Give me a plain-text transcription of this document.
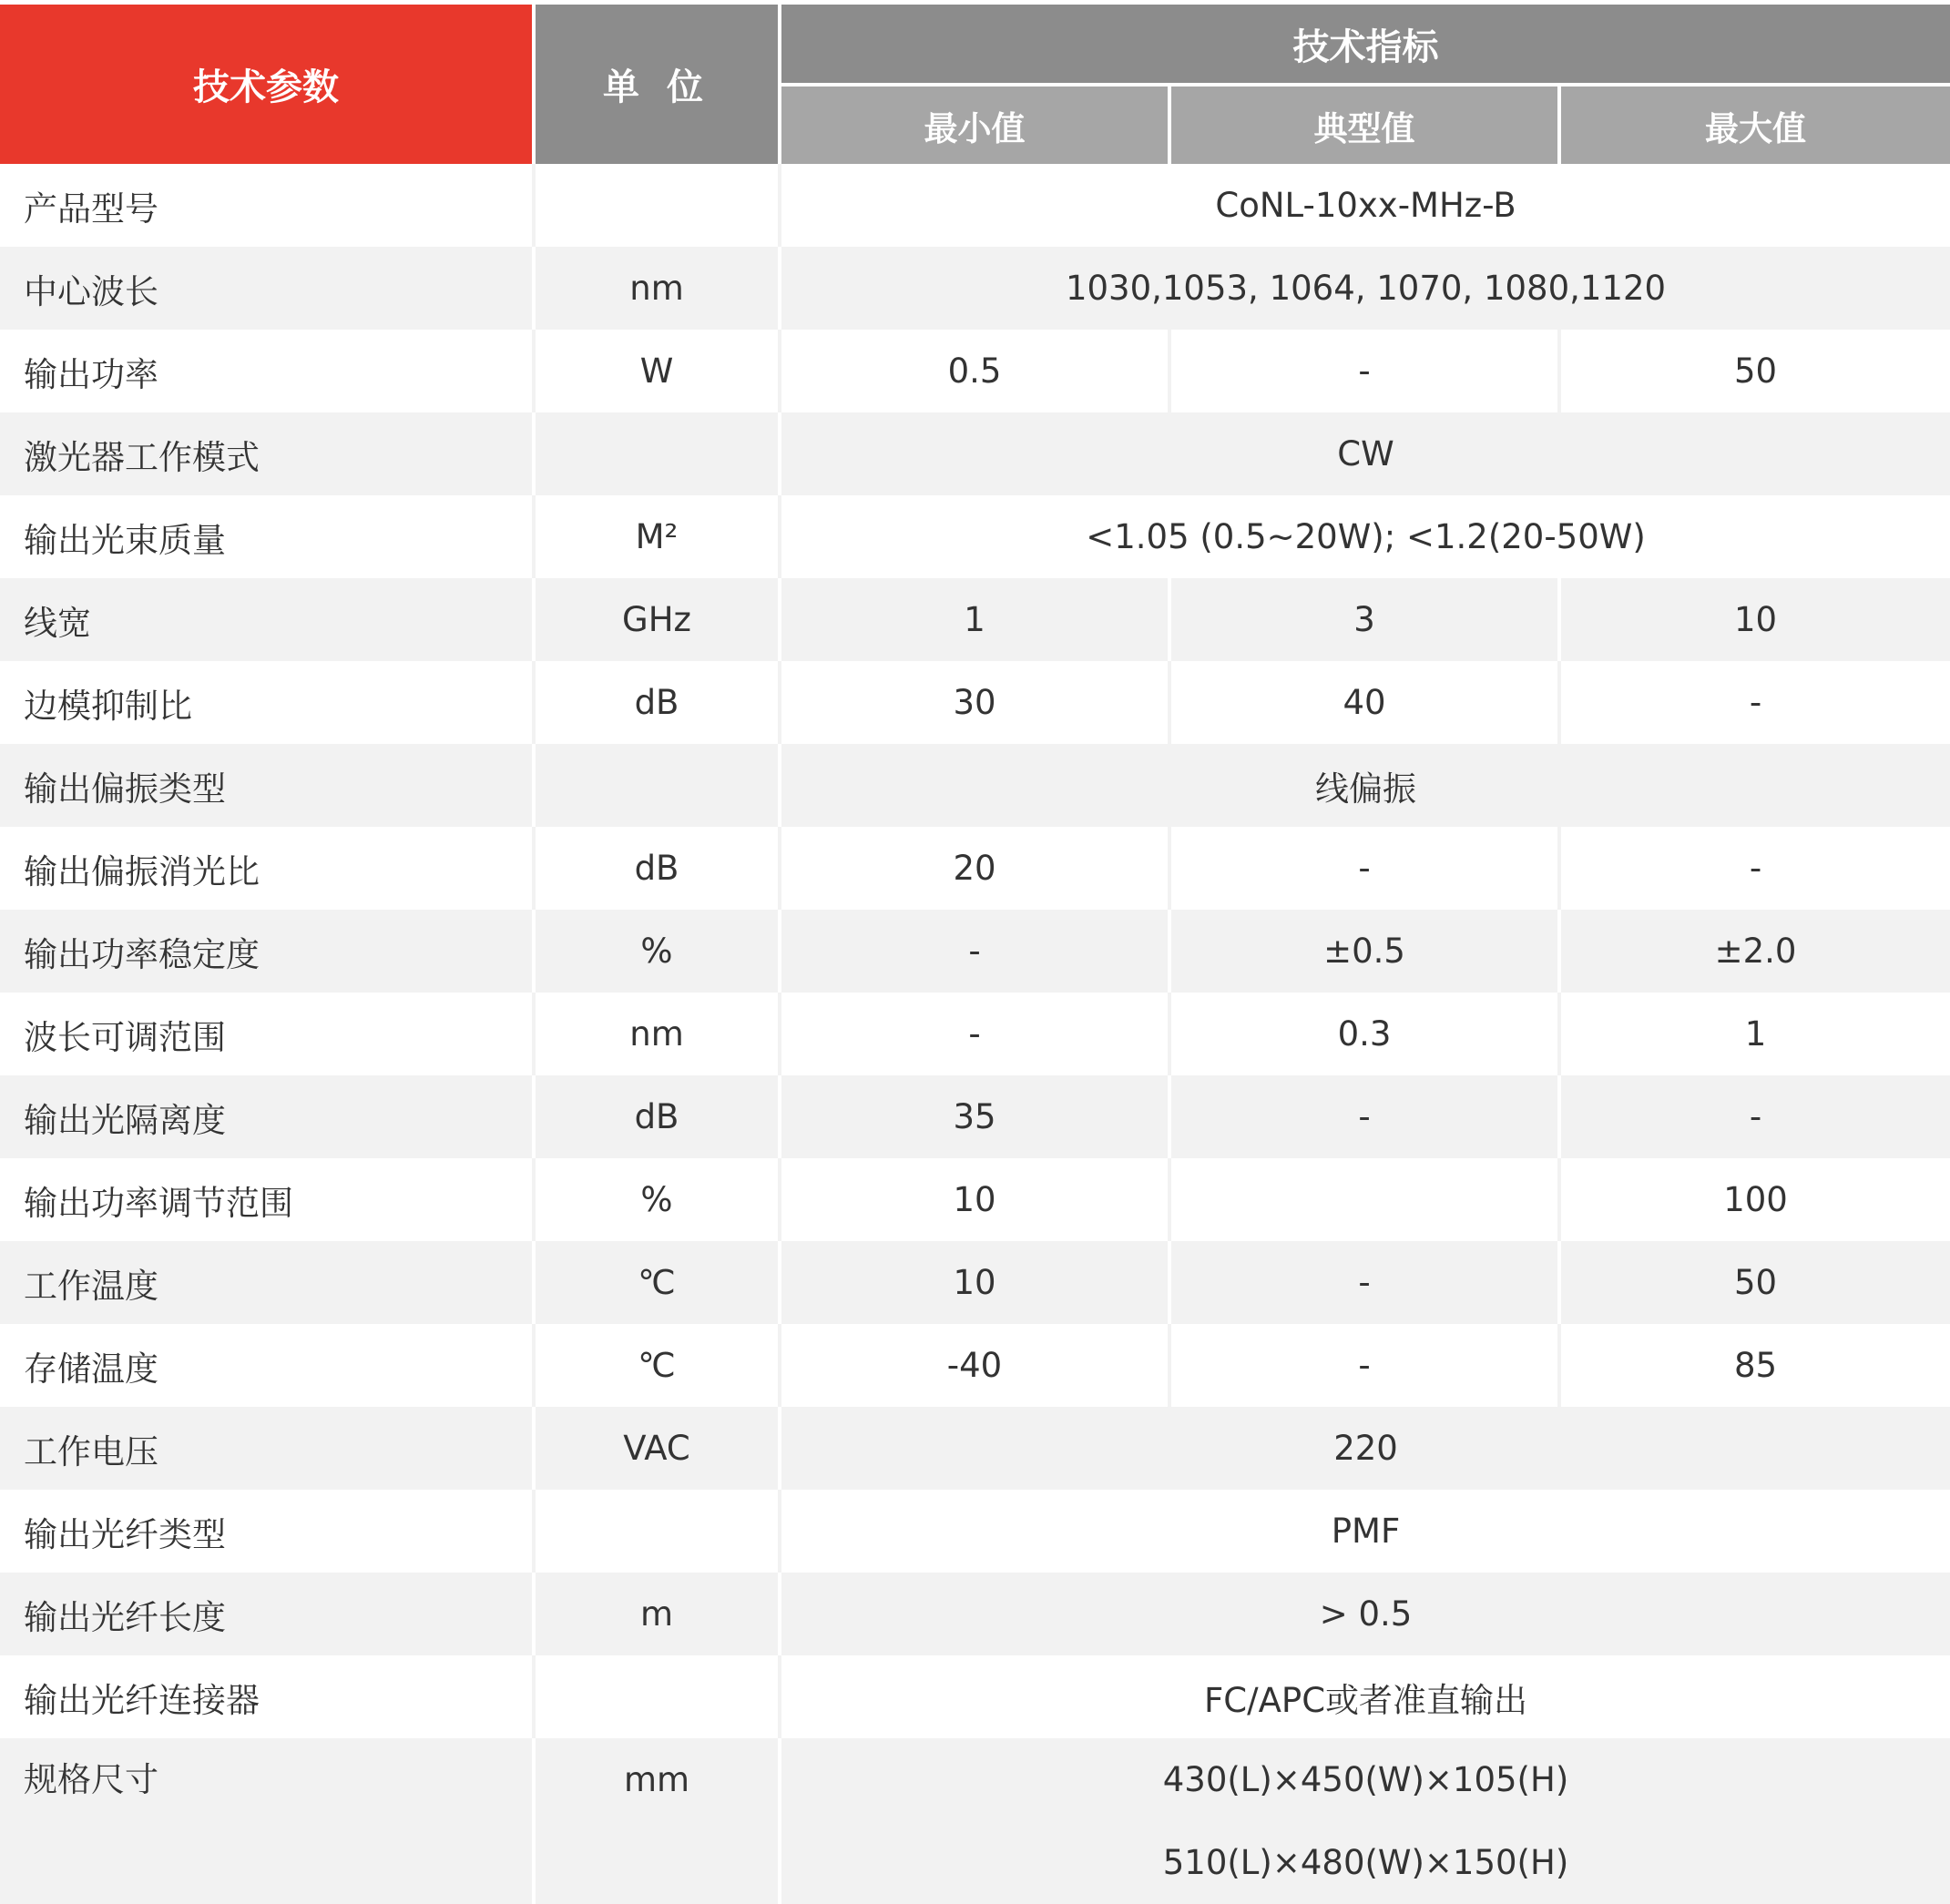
技术参数	单 位	技术指标		
		最小值	典型值	最大值
产品型号		CoNL-10xx-MHz-B		
中心波长	nm	1030,1053, 1064, 1070, 1080,1120		
输出功率	W	0.5	-	50
激光器工作模式		CW		
输出光束质量	M²	<1.05 (0.5~20W); <1.2(20-50W)		
线宽	GHz	1	3	10
边模抑制比	dB	30	40	-
输出偏振类型		线偏振		
输出偏振消光比	dB	20	-	-
输出功率稳定度	%	-	±0.5	±2.0
波长可调范围	nm	-	0.3	1
输出光隔离度	dB	35	-	-
输出功率调节范围	%	10		100
工作温度	℃	10	-	50
存储温度	℃	-40	-	85
工作电压	VAC	220		
输出光纤类型		PMF		
输出光纤长度	m	> 0.5		
输出光纤连接器		FC/APC或者准直输出		

规格尺寸	mm	430(L)×450(W)×105(H)
510(L)×480(W)×150(H)		
